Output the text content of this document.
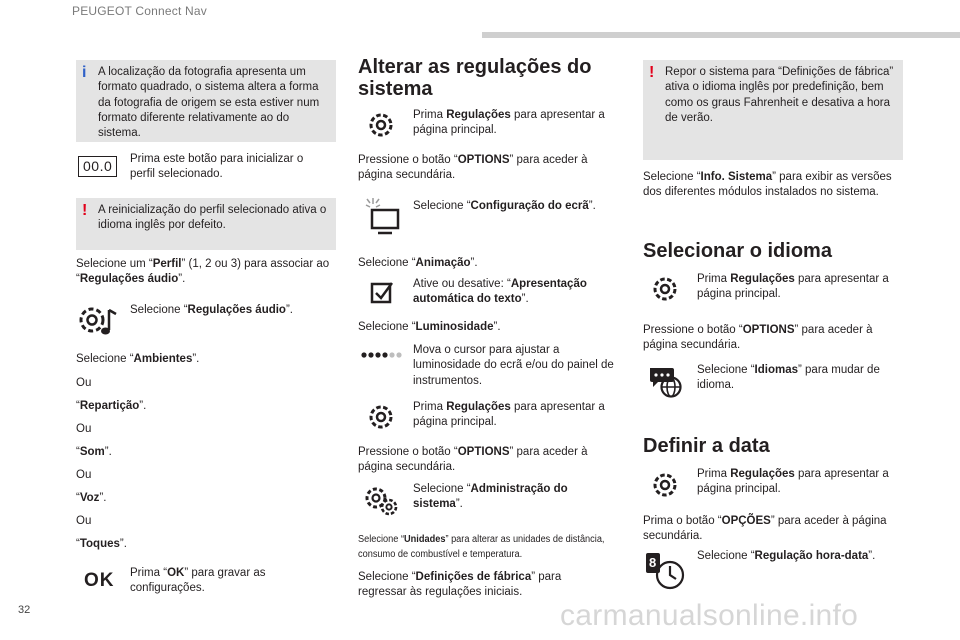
PEUGEOT Connect Nav
i	A localização da fotografia apresenta um formato quadrado, o sistema altera a forma da fotografia de origem se esta estiver num formato diferente relativamente ao do sistema.
00.0	Prima este botão para inicializar o perfil selecionado.
! A reinicialização do perfil selecionado ativa o idioma inglês por defeito.
Selecione um “Perfil” (1, 2 ou 3) para associar ao “Regulações áudio”.
Selecione “Regulações áudio”.
Selecione “Ambientes”.
Ou
“Repartição”.
Ou
“Som”.
Ou
“Voz”.
Ou
“Toques”.
OK Prima “OK” para gravar as configurações.
Alterar as regulações do sistema
Prima Regulações para apresentar a página principal.
Pressione o botão “OPTIONS” para aceder à página secundária.
Selecione “Configuração do ecrã”.
Selecione “Animação”.
Ative ou desative: “Apresentação automática do texto”.
Selecione “Luminosidade”.
Mova o cursor para ajustar a luminosidade do ecrã e/ou do painel de instrumentos.
Prima Regulações para apresentar a página principal.
Pressione o botão “OPTIONS” para aceder à página secundária.
Selecione “Administração do sistema”.
Selecione “Unidades” para alterar as unidades de distância, consumo de combustível e temperatura.
Selecione “Definições de fábrica” para regressar às regulações iniciais.
! Repor o sistema para “Definições de fábrica” ativa o idioma inglês por predefinição, bem como os graus Fahrenheit e desativa a hora de verão.
Selecione “Info. Sistema” para exibir as versões dos diferentes módulos instalados no sistema.
Selecionar o idioma
Prima Regulações para apresentar a página principal.
Pressione o botão “OPTIONS” para aceder à página secundária.
Selecione “Idiomas” para mudar de idioma.
Definir a data
Prima Regulações para apresentar a página principal.
Prima o botão “OPÇÕES” para aceder à página secundária.
8	Selecione “Regulação hora-data”.
32	carmanualsonline.info
